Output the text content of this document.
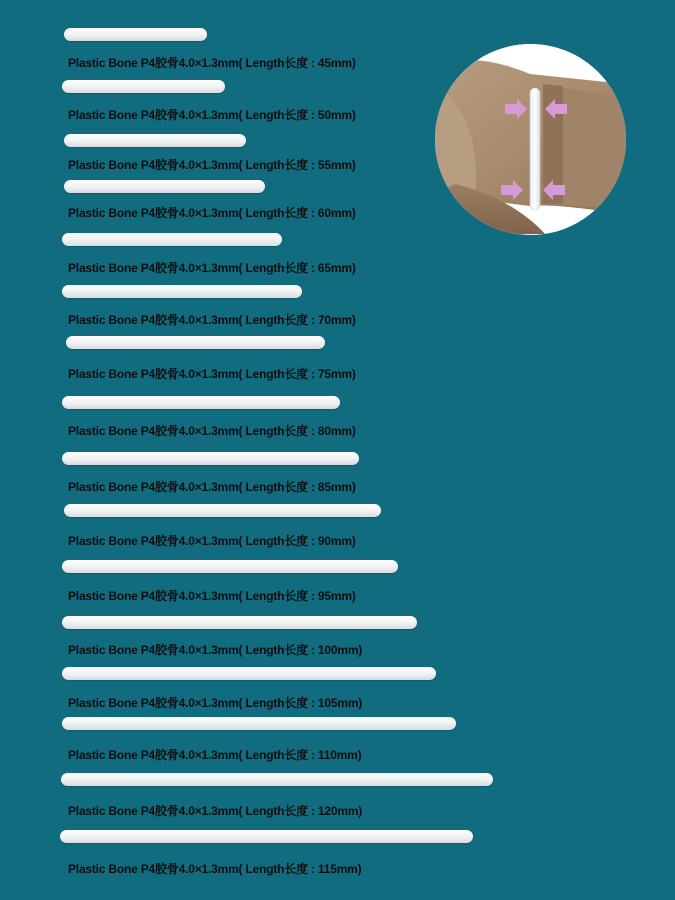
Plastic Bone P4胶骨4.0×1.3mm( Length长度 : 45mm)
Plastic Bone P4胶骨4.0×1.3mm( Length长度 : 50mm)
Plastic Bone P4胶骨4.0×1.3mm( Length长度 : 55mm)
Plastic Bone P4胶骨4.0×1.3mm( Length长度 : 60mm)
Plastic Bone P4胶骨4.0×1.3mm( Length长度 : 65mm)
Plastic Bone P4胶骨4.0×1.3mm( Length长度 : 70mm)
Plastic Bone P4胶骨4.0×1.3mm( Length长度 : 75mm)
Plastic Bone P4胶骨4.0×1.3mm( Length长度 : 80mm)
Plastic Bone P4胶骨4.0×1.3mm( Length长度 : 85mm)
Plastic Bone P4胶骨4.0×1.3mm( Length长度 : 90mm)
Plastic Bone P4胶骨4.0×1.3mm( Length长度 : 95mm)
Plastic Bone P4胶骨4.0×1.3mm( Length长度 : 100mm)
Plastic Bone P4胶骨4.0×1.3mm( Length长度 : 105mm)
Plastic Bone P4胶骨4.0×1.3mm( Length长度 : 110mm)
Plastic Bone P4胶骨4.0×1.3mm( Length长度 : 120mm)
Plastic Bone P4胶骨4.0×1.3mm( Length长度 : 115mm)
